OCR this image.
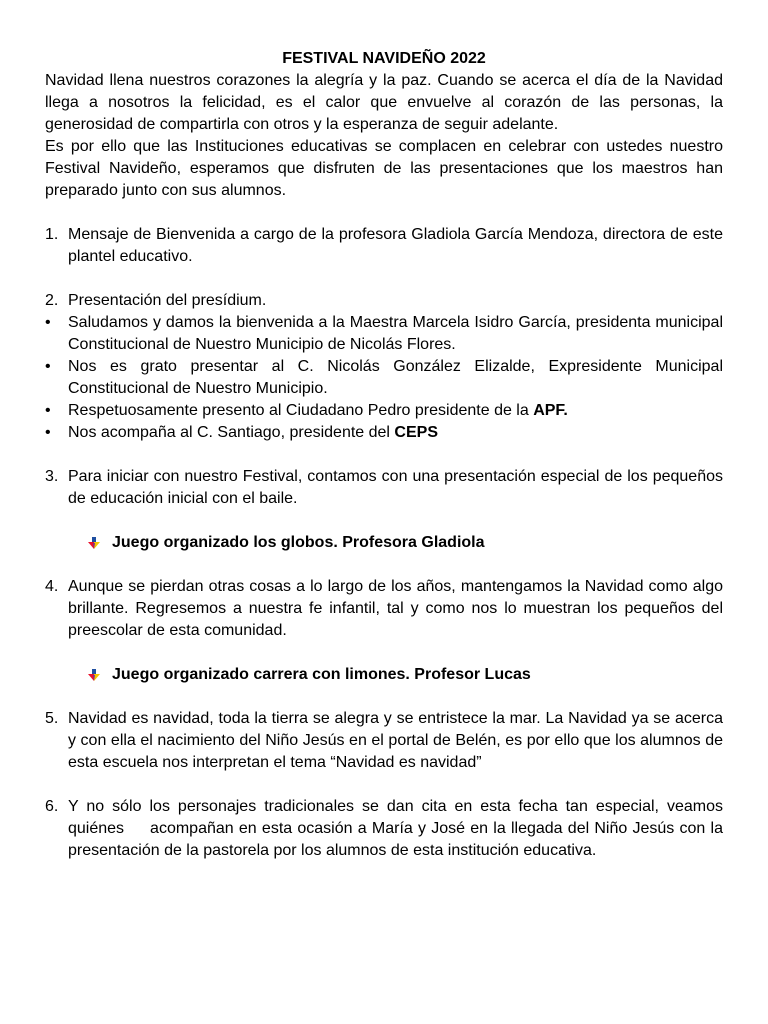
FESTIVAL NAVIDEÑO 2022

Navidad llena nuestros corazones la alegría y la paz. Cuando se acerca el día de la Navidad llega a nosotros la felicidad, es el calor que envuelve al corazón de las personas, la generosidad de compartirla con otros y la esperanza de seguir adelante.

Es por ello que las Instituciones educativas se complacen en celebrar con ustedes nuestro Festival Navideño, esperamos que disfruten de las presentaciones que los maestros han preparado junto con sus alumnos.

1. Mensaje de Bienvenida a cargo de la profesora Gladiola García Mendoza, directora de este plantel educativo.
2. Presentación del presídium.
•	Saludamos y damos la bienvenida a la Maestra Marcela Isidro García, presidenta municipal Constitucional de Nuestro Municipio de Nicolás Flores.
•	Nos es grato presentar al C. Nicolás González Elizalde, Expresidente Municipal Constitucional de Nuestro Municipio.
•	Respetuosamente presento al Ciudadano Pedro presidente de la APF.
•	Nos acompaña al C. Santiago, presidente del CEPS
3. Para iniciar con nuestro Festival, contamos con una presentación especial de los pequeños de educación inicial con el baile.
Juego organizado los globos. Profesora Gladiola
4. Aunque se pierdan otras cosas a lo largo de los años, mantengamos la Navidad como algo brillante. Regresemos a nuestra fe infantil, tal y como nos lo muestran los pequeños del preescolar de esta comunidad.
Juego organizado carrera con limones. Profesor Lucas
5. Navidad es navidad, toda la tierra se alegra y se entristece la mar. La Navidad ya se acerca y con ella el nacimiento del Niño Jesús en el portal de Belén, es por ello que los alumnos de esta escuela nos interpretan el tema “Navidad es navidad”
6. Y no sólo los personajes tradicionales se dan cita en esta fecha tan especial, veamos quiénes acompañan en esta ocasión a María y José en la llegada del Niño Jesús con la presentación de la pastorela por los alumnos de esta institución educativa.
